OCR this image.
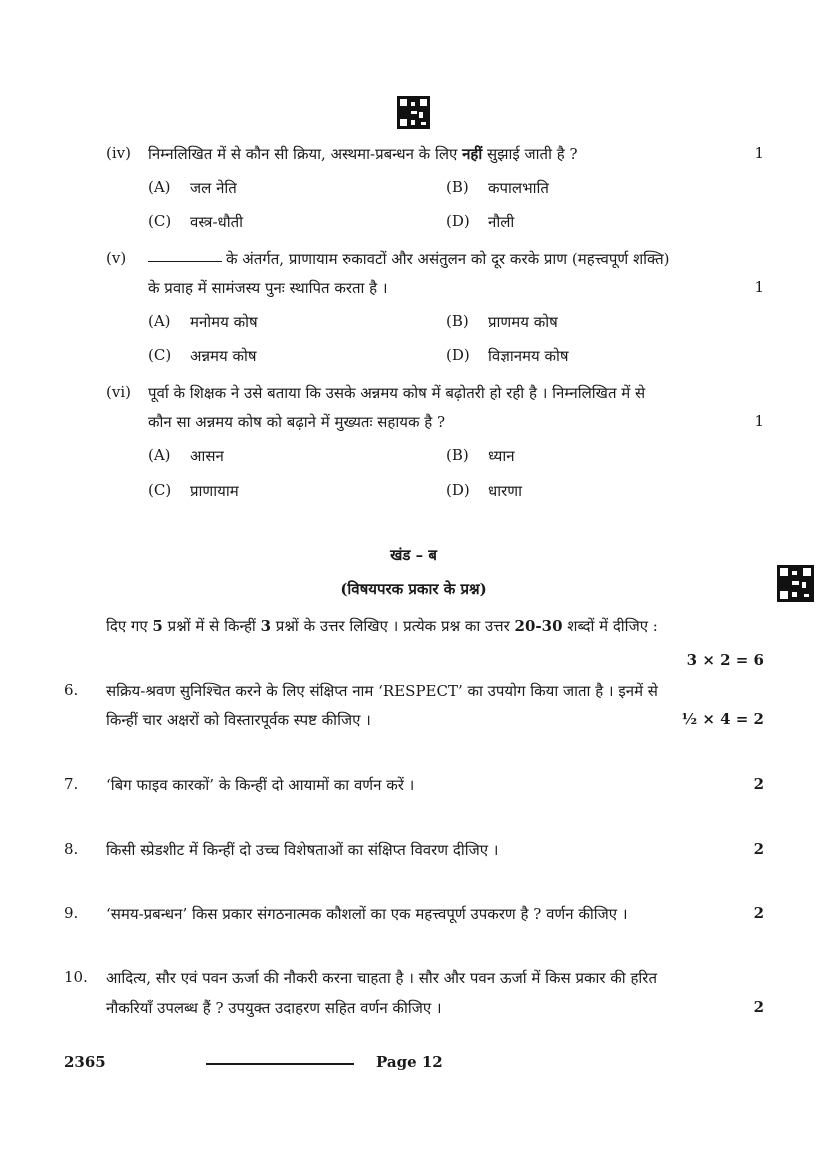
(iv) निम्नलिखित में से कौन सी क्रिया, अस्थमा-प्रबन्धन के लिए नहीं सुझाई जाती है ?	1
(A) जल नेति	(B) कपालभाति
(C) वस्त्र-धौती	(D) नौली
(v)	के अंतर्गत, प्राणायाम रुकावटों और असंतुलन को दूर करके प्राण (महत्त्वपूर्ण शक्ति)
के प्रवाह में सामंजस्य पुनः स्थापित करता है ।	1
(A) मनोमय कोष	(B) प्राणमय कोष
(C) अन्नमय कोष	(D) विज्ञानमय कोष
(vi) पूर्वा के शिक्षक ने उसे बताया कि उसके अन्नमय कोष में बढ़ोतरी हो रही है । निम्नलिखित में से
कौन सा अन्नमय कोष को बढ़ाने में मुख्यतः सहायक है ?	1
(A) आसन	(B) ध्यान
(C) प्राणायाम	(D) धारणा
खंड – ब
(विषयपरक प्रकार के प्रश्न)
दिए गए 5 प्रश्नों में से किन्हीं 3 प्रश्नों के उत्तर लिखिए । प्रत्येक प्रश्न का उत्तर 20-30 शब्दों में दीजिए :
3 × 2 = 6
6. सक्रिय-श्रवण सुनिश्चित करने के लिए संक्षिप्त नाम ‘RESPECT’ का उपयोग किया जाता है । इनमें से
किन्हीं चार अक्षरों को विस्तारपूर्वक स्पष्ट कीजिए ।	½ × 4 = 2
7. ‘बिग फाइव कारकों’ के किन्हीं दो आयामों का वर्णन करें ।	2
8. किसी स्प्रेडशीट में किन्हीं दो उच्च विशेषताओं का संक्षिप्त विवरण दीजिए ।	2
9. ‘समय-प्रबन्धन’ किस प्रकार संगठनात्मक कौशलों का एक महत्त्वपूर्ण उपकरण है ? वर्णन कीजिए ।	2
10. आदित्य, सौर एवं पवन ऊर्जा की नौकरी करना चाहता है । सौर और पवन ऊर्जा में किस प्रकार की हरित
नौकरियाँ उपलब्ध हैं ? उपयुक्त उदाहरण सहित वर्णन कीजिए ।	2
2365	Page 12
